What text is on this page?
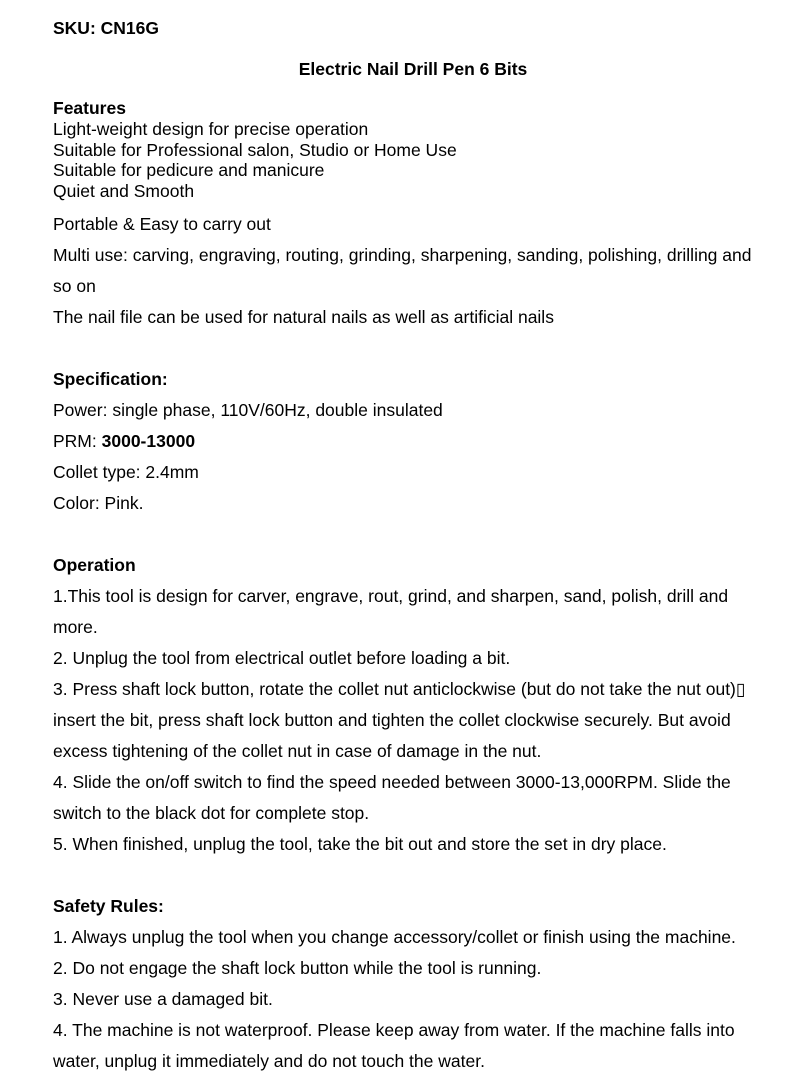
SKU: CN16G

Electric Nail Drill Pen 6 Bits

Features

Light-weight design for precise operation

Suitable for Professional salon, Studio or Home Use

Suitable for pedicure and manicure

Quiet and Smooth

Portable & Easy to carry out

Multi use: carving, engraving, routing, grinding, sharpening, sanding, polishing, drilling and so on

The nail file can be used for natural nails as well as artificial nails

Specification:

Power: single phase, 110V/60Hz, double insulated

PRM: 3000-13000

Collet type: 2.4mm

Color: Pink.

Operation

1.This tool is design for carver, engrave, rout, grind, and sharpen, sand, polish, drill and more.

2. Unplug the tool from electrical outlet before loading a bit.

3. Press shaft lock button, rotate the collet nut anticlockwise (but do not take the nut out)▯ insert the bit, press shaft lock button and tighten the collet clockwise securely. But avoid excess tightening of the collet nut in case of damage in the nut.

4. Slide the on/off switch to find the speed needed between 3000-13,000RPM. Slide the switch to the black dot for complete stop.

5. When finished, unplug the tool, take the bit out and store the set in dry place.

Safety Rules:

1. Always unplug the tool when you change accessory/collet or finish using the machine.

2. Do not engage the shaft lock button while the tool is running.

3. Never use a damaged bit.

4. The machine is not waterproof. Please keep away from water. If the machine falls into water, unplug it immediately and do not touch the water.
